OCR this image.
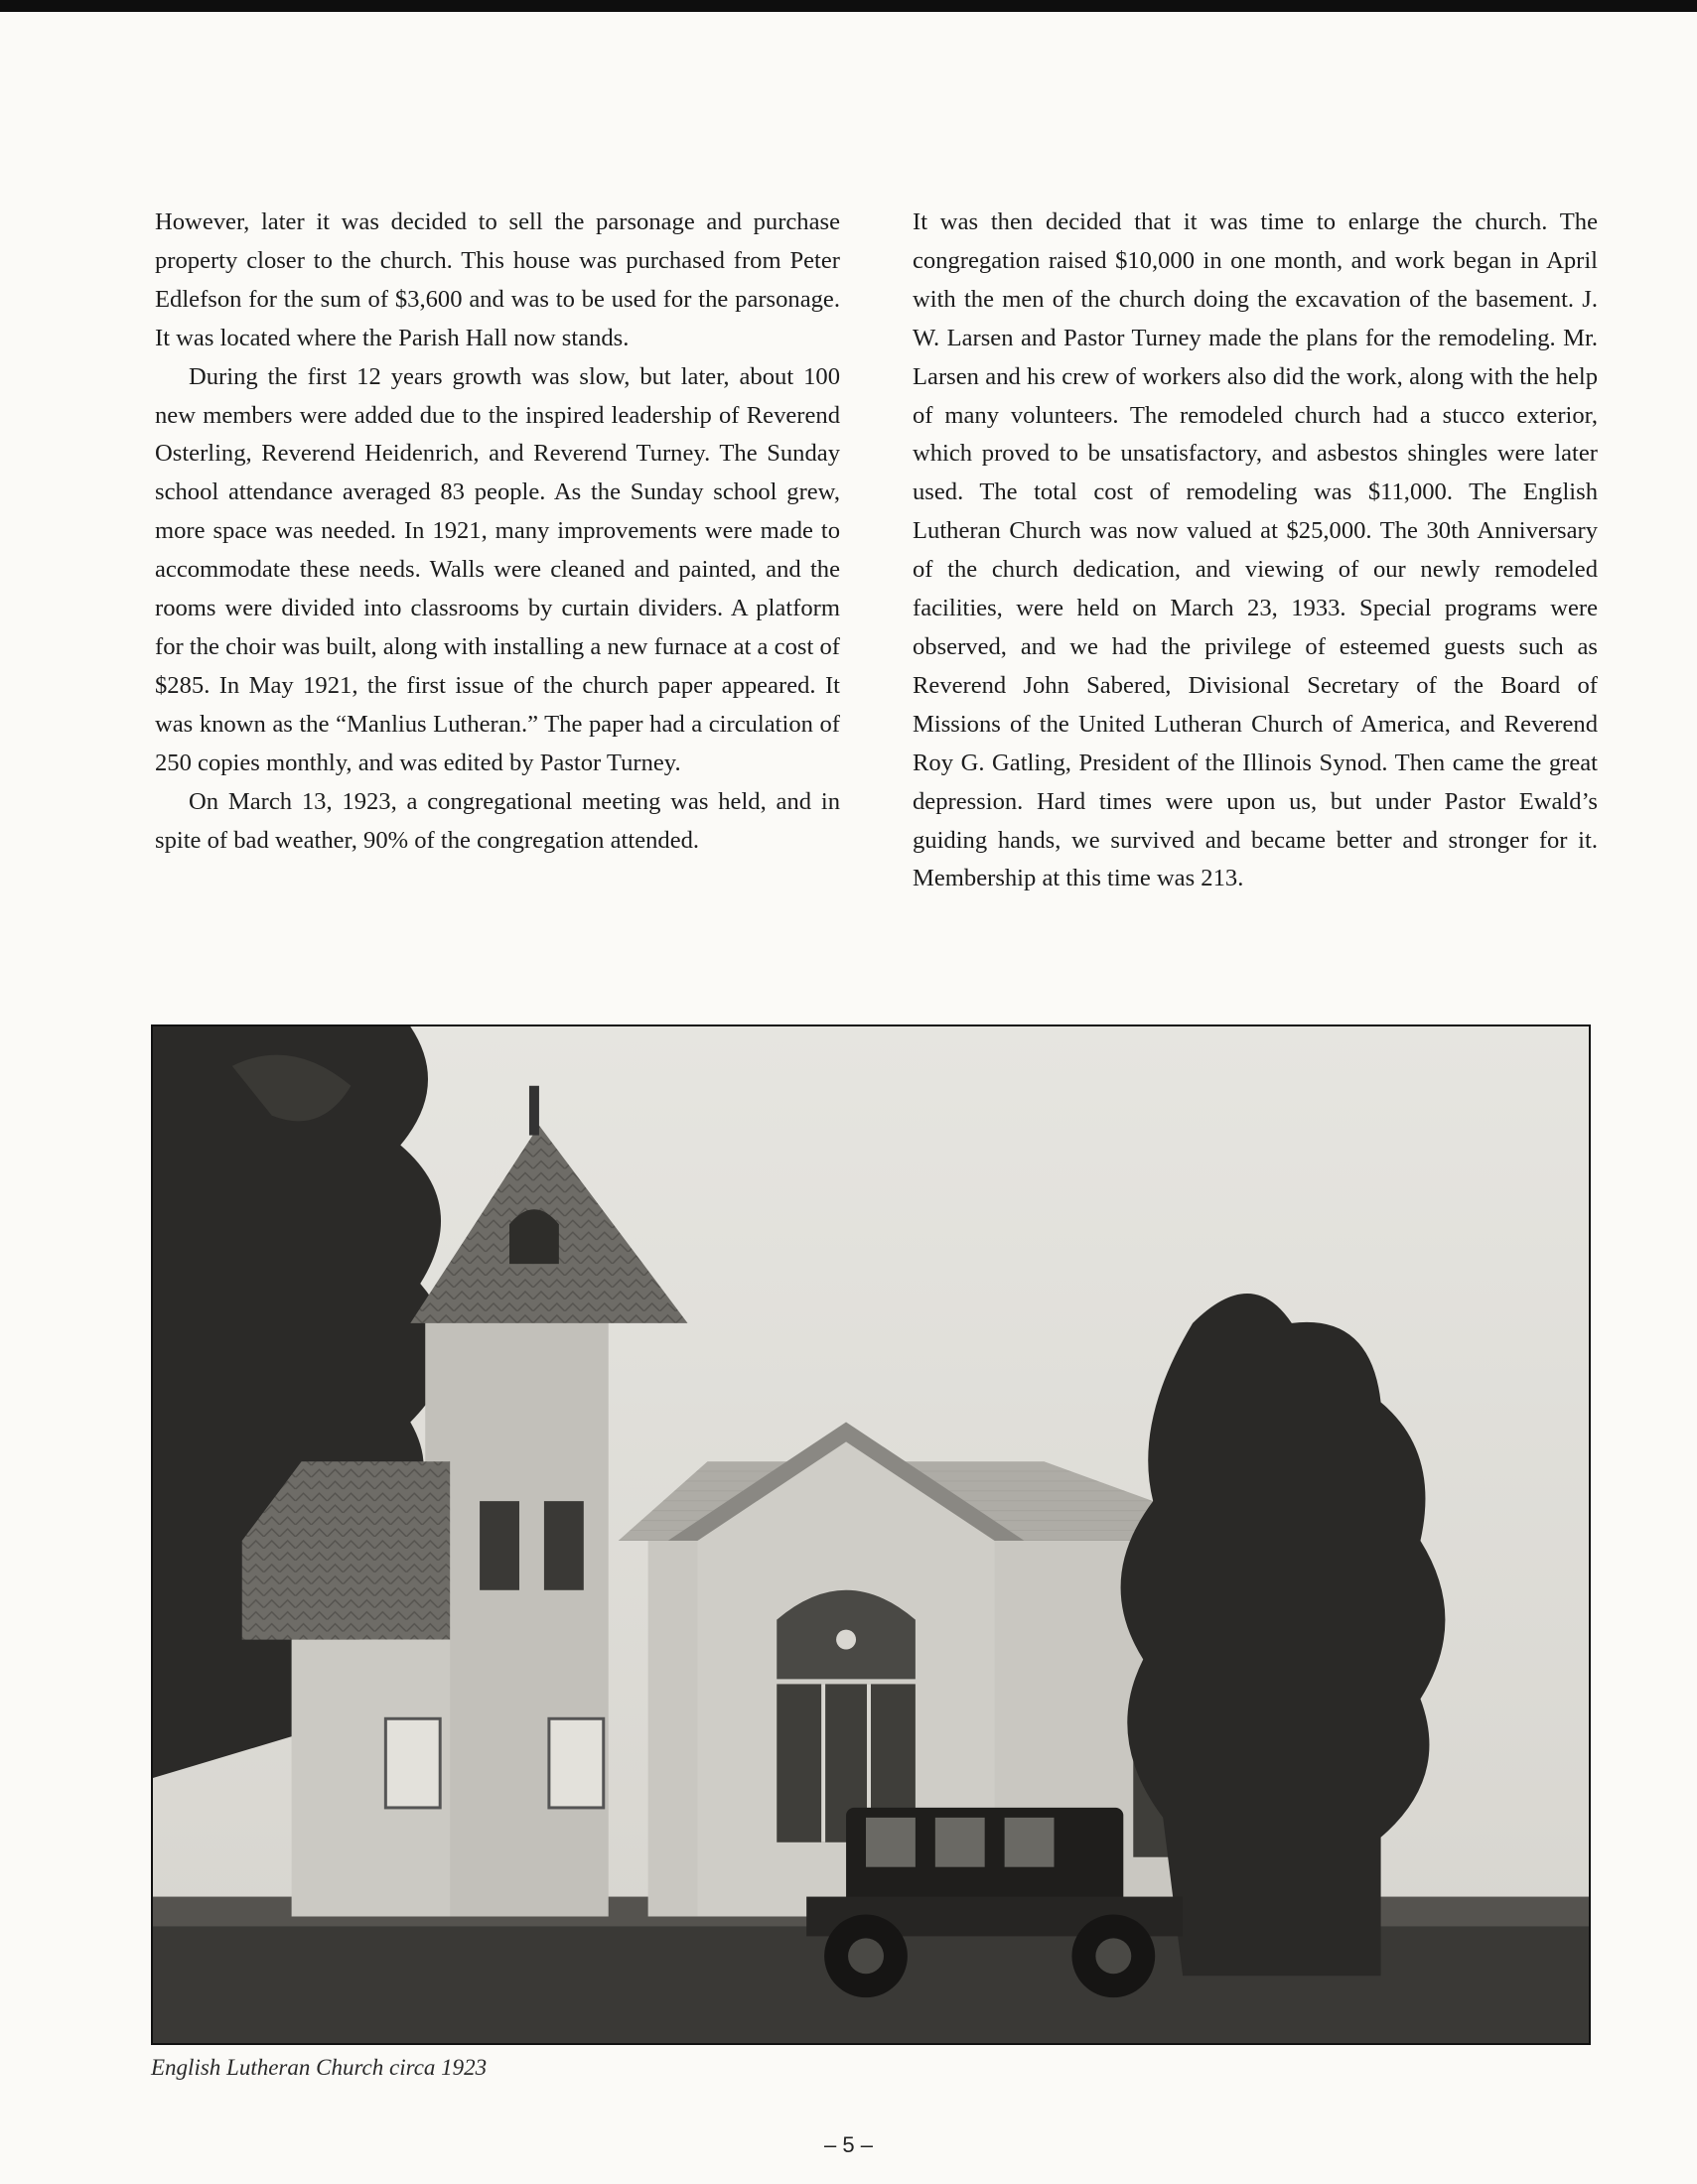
However, later it was decided to sell the parsonage and purchase property closer to the church. This house was purchased from Peter Edlefson for the sum of $3,600 and was to be used for the parsonage. It was located where the Parish Hall now stands.

During the first 12 years growth was slow, but later, about 100 new members were added due to the inspired leadership of Reverend Osterling, Reverend Heidenrich, and Reverend Turney. The Sunday school attendance averaged 83 people. As the Sunday school grew, more space was needed. In 1921, many improvements were made to accommodate these needs. Walls were cleaned and painted, and the rooms were divided into classrooms by curtain dividers. A platform for the choir was built, along with installing a new furnace at a cost of $285. In May 1921, the first issue of the church paper appeared. It was known as the “Manlius Lutheran.” The paper had a circulation of 250 copies monthly, and was edited by Pastor Turney.

On March 13, 1923, a congregational meeting was held, and in spite of bad weather, 90% of the congregation attended.

It was then decided that it was time to enlarge the church. The congregation raised $10,000 in one month, and work began in April with the men of the church doing the excavation of the basement. J. W. Larsen and Pastor Turney made the plans for the remodeling. Mr. Larsen and his crew of workers also did the work, along with the help of many volunteers. The remodeled church had a stucco exterior, which proved to be unsatisfactory, and asbestos shingles were later used. The total cost of remodeling was $11,000. The English Lutheran Church was now valued at $25,000. The 30th Anniversary of the church dedication, and viewing of our newly remodeled facilities, were held on March 23, 1933. Special programs were observed, and we had the privilege of esteemed guests such as Reverend John Sabered, Divisional Secretary of the Board of Missions of the United Lutheran Church of America, and Reverend Roy G. Gatling, President of the Illinois Synod. Then came the great depression. Hard times were upon us, but under Pastor Ewald’s guiding hands, we survived and became better and stronger for it. Membership at this time was 213.

English Lutheran Church circa 1923
– 5 –
